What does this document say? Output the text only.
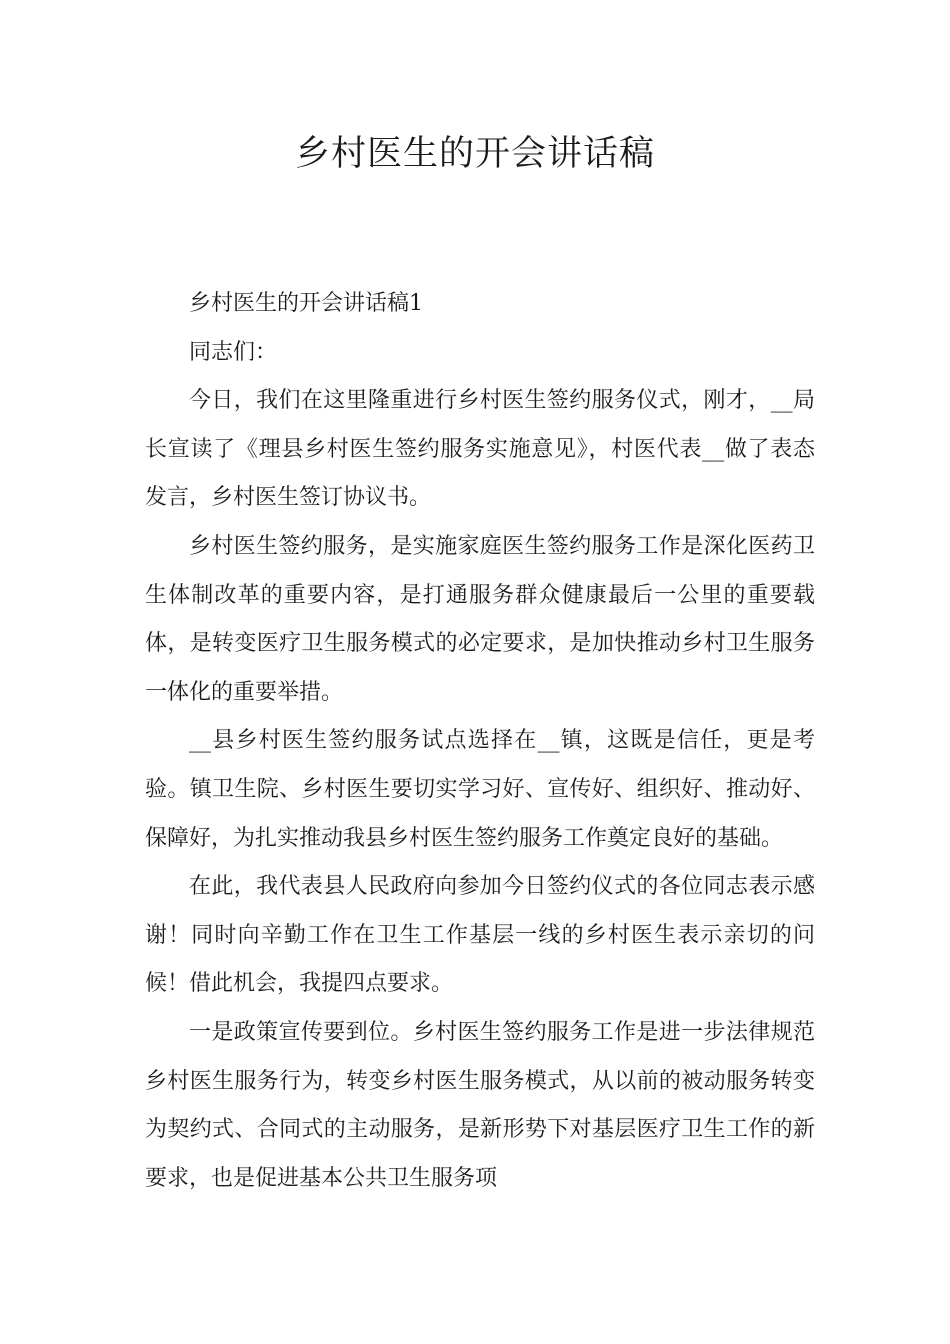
乡村医生的开会讲话稿

乡村医生的开会讲话稿1

同志们：

今日，我们在这里隆重进行乡村医生签约服务仪式，刚才，__局长宣读了《理县乡村医生签约服务实施意见》，村医代表__做了表态发言，乡村医生签订协议书。

乡村医生签约服务，是实施家庭医生签约服务工作是深化医药卫生体制改革的重要内容，是打通服务群众健康最后一公里的重要载体，是转变医疗卫生服务模式的必定要求，是加快推动乡村卫生服务一体化的重要举措。

__县乡村医生签约服务试点选择在__镇，这既是信任，更是考验。镇卫生院、乡村医生要切实学习好、宣传好、组织好、推动好、保障好，为扎实推动我县乡村医生签约服务工作奠定良好的基础。

在此，我代表县人民政府向参加今日签约仪式的各位同志表示感谢！同时向辛勤工作在卫生工作基层一线的乡村医生表示亲切的问候！借此机会，我提四点要求。

一是政策宣传要到位。乡村医生签约服务工作是进一步法律规范乡村医生服务行为，转变乡村医生服务模式，从以前的被动服务转变为契约式、合同式的主动服务，是新形势下对基层医疗卫生工作的新要求，也是促进基本公共卫生服务项
